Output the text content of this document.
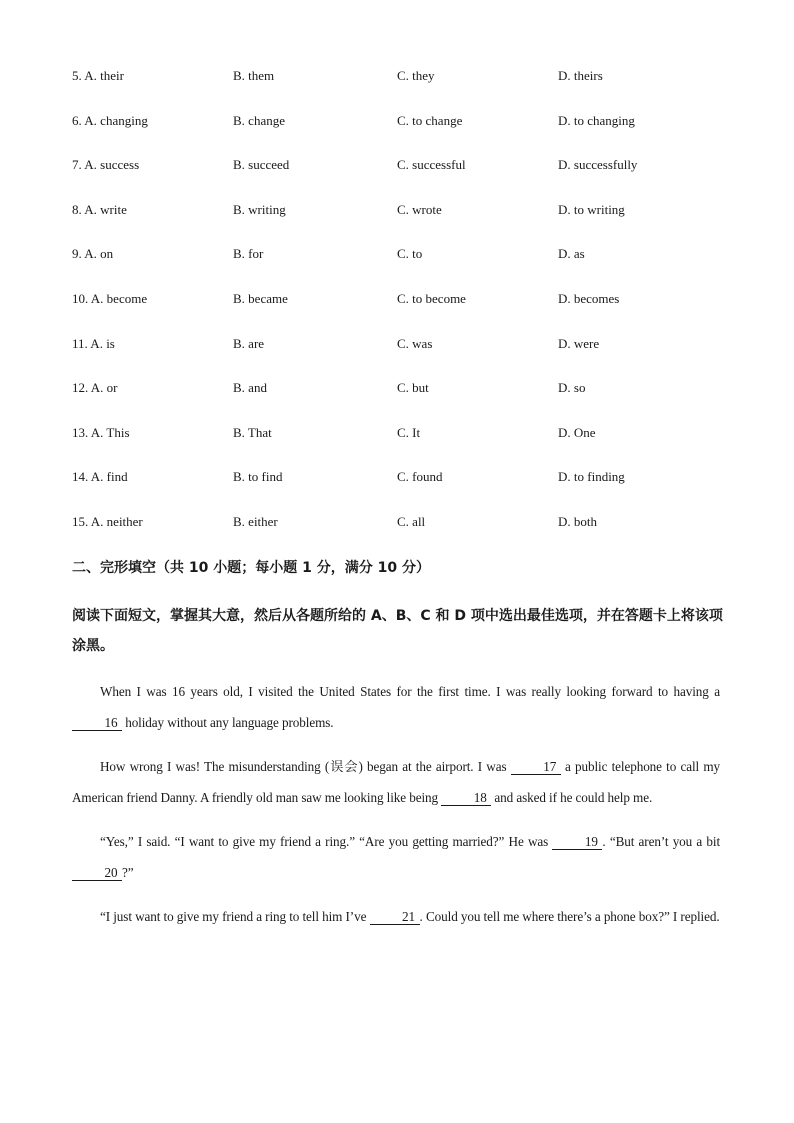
5. A. their	B. them	C. they	D. theirs
6. A. changing	B. change	C. to change	D. to changing
7. A. success	B. succeed	C. successful	D. successfully
8. A. write	B. writing	C. wrote	D. to writing
9. A. on	B. for	C. to	D. as
10. A. become	B. became	C. to become	D. becomes
11. A. is	B. are	C. was	D. were
12. A. or	B. and	C. but	D. so
13. A. This	B. That	C. It	D. One
14. A. find	B. to find	C. found	D. to finding
15. A. neither	B. either	C. all	D. both
二、完形填空（共 10 小题；每小题 1 分，满分 10 分）

阅读下面短文，掌握其大意，然后从各题所给的 A、B、C 和 D 项中选出最佳选项，并在答题卡上将该项涂黑。

When I was 16 years old, I visited the United States for the first time. I was really looking forward to having a 16 holiday without any language problems.

How wrong I was! The misunderstanding (误会) began at the airport. I was 17 a public telephone to call my American friend Danny. A friendly old man saw me looking like being 18 and asked if he could help me.

“Yes,” I said. “I want to give my friend a ring.” “Are you getting married?” He was 19 . “But aren’t you a bit 20 ?”

“I just want to give my friend a ring to tell him I’ve 21 . Could you tell me where there’s a phone box?” I replied.
